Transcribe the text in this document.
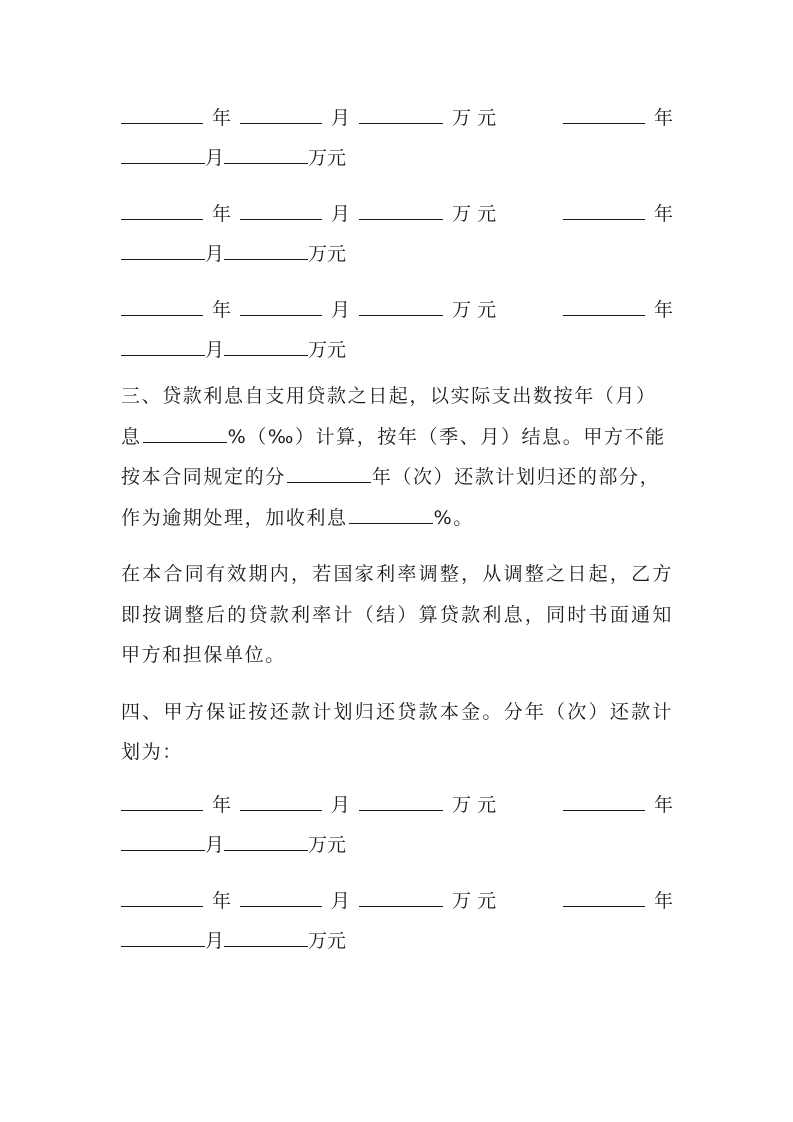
年	月	万 元	年
月	万元
年	月	万 元	年
月	万元
年	月	万 元	年
月	万元

三、贷款利息自支用贷款之日起，以实际支出数按年（月）
息	%（‰）计算，按年（季、月）结息。甲方不能
按本合同规定的分	年（次）还款计划归还的部分，
作为逾期处理，加收利息	%。

在本合同有效期内，若国家利率调整，从调整之日起，乙方即按调整后的贷款利率计（结）算贷款利息，同时书面通知甲方和担保单位。

四、甲方保证按还款计划归还贷款本金。分年（次）还款计划为：

年	月	万 元	年
月	万元
年	月	万 元	年
月	万元
